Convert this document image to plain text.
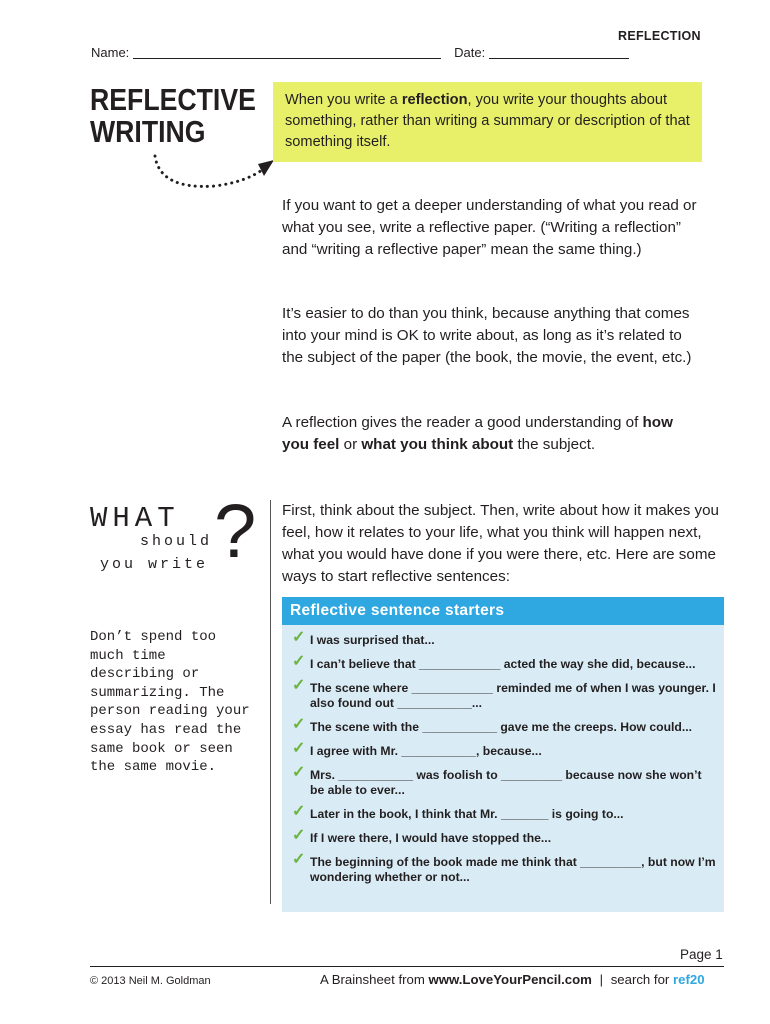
REFLECTION
Name:	Date:
REFLECTIVE
WRITING
When you write a reflection, you write your thoughts about something, rather than writing a summary or description of that something itself.

If you want to get a deeper understanding of what you read or what you see, write a reflective paper. (“Writing a reflection” and “writing a reflective paper” mean the same thing.)

It’s easier to do than you think, because anything that comes into your mind is OK to write about, as long as it’s related to the subject of the paper (the book, the movie, the event, etc.)

A reflection gives the reader a good understanding of how you feel or what you think about the subject.

WHAT
should
you write ? First, think about the subject. Then, write about how it makes you feel, how it relates to your life, what you think will happen next, what you would have done if you were there, etc. Here are some ways to start reflective sentences:

Don’t spend too much time describing or summarizing. The person reading your essay has read the same book or seen the same movie.
Reflective sentence starters
✓ I was surprised that...
✓ I can’t believe that ____________ acted the way she did, because...
✓ The scene where ____________ reminded me of when I was younger. I also found out ___________...
✓ The scene with the ___________ gave me the creeps. How could...
✓ I agree with Mr. ___________, because...
✓ Mrs. ___________ was foolish to _________ because now she won’t be able to ever...
✓ Later in the book, I think that Mr. _______ is going to...
✓ If I were there, I would have stopped the...
✓ The beginning of the book made me think that _________, but now I’m wondering whether or not...
Page 1
© 2013 Neil M. Goldman	A Brainsheet from www.LoveYourPencil.com | search for ref20
